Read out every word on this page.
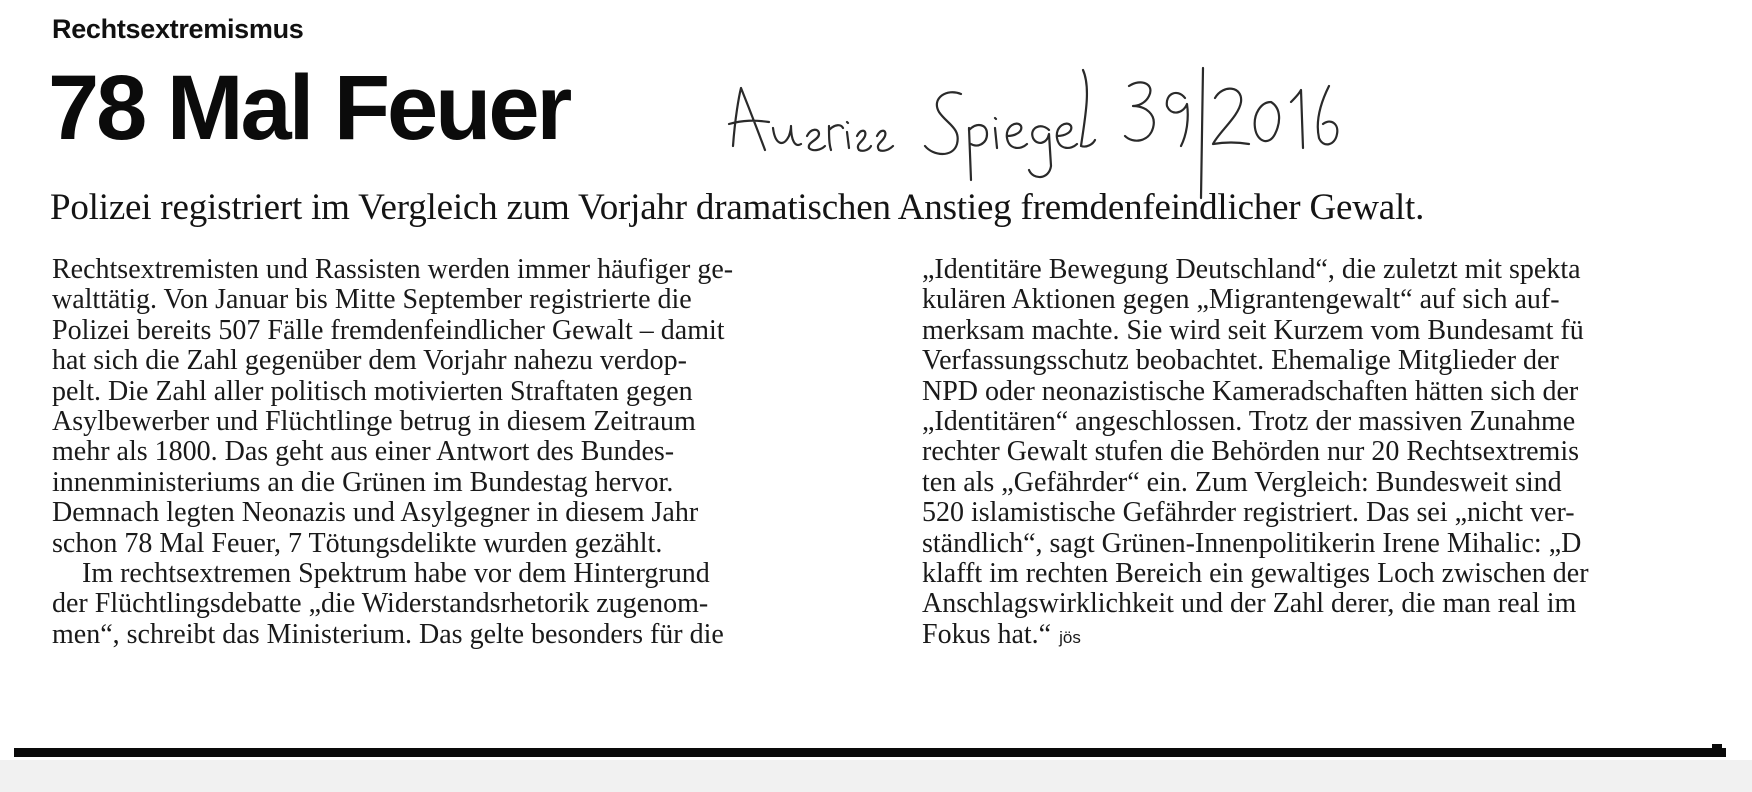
Rechtsextremismus
78 Mal Feuer
Polizei registriert im Vergleich zum Vorjahr dramatischen Anstieg fremdenfeindlicher Gewalt.
Rechtsextremisten und Rassisten werden immer häufiger ge-
walttätig. Von Januar bis Mitte September registrierte die
Polizei bereits 507 Fälle fremdenfeindlicher Gewalt – damit
hat sich die Zahl gegenüber dem Vorjahr nahezu verdop-
pelt. Die Zahl aller politisch motivierten Straftaten gegen
Asylbewerber und Flüchtlinge betrug in diesem Zeitraum
mehr als 1800. Das geht aus einer Antwort des Bundes-
innenministeriums an die Grünen im Bundestag hervor.
Demnach legten Neonazis und Asylgegner in diesem Jahr
schon 78 Mal Feuer, 7 Tötungsdelikte wurden gezählt.
Im rechtsextremen Spektrum habe vor dem Hintergrund
der Flüchtlingsdebatte „die Widerstandsrhetorik zugenom-
men“, schreibt das Ministerium. Das gelte besonders für die
„Identitäre Bewegung Deutschland“, die zuletzt mit spekta
kulären Aktionen gegen „Migrantengewalt“ auf sich auf-
merksam machte. Sie wird seit Kurzem vom Bundesamt fü
Verfassungsschutz beobachtet. Ehemalige Mitglieder der
NPD oder neonazistische Kameradschaften hätten sich der
„Identitären“ angeschlossen. Trotz der massiven Zunahme
rechter Gewalt stufen die Behörden nur 20 Rechtsextremis
ten als „Gefährder“ ein. Zum Vergleich: Bundesweit sind
520 islamistische Gefährder registriert. Das sei „nicht ver-
ständlich“, sagt Grünen-Innenpolitikerin Irene Mihalic: „D
klafft im rechten Bereich ein gewaltiges Loch zwischen der
Anschlagswirklichkeit und der Zahl derer, die man real im
Fokus hat.“ jös
